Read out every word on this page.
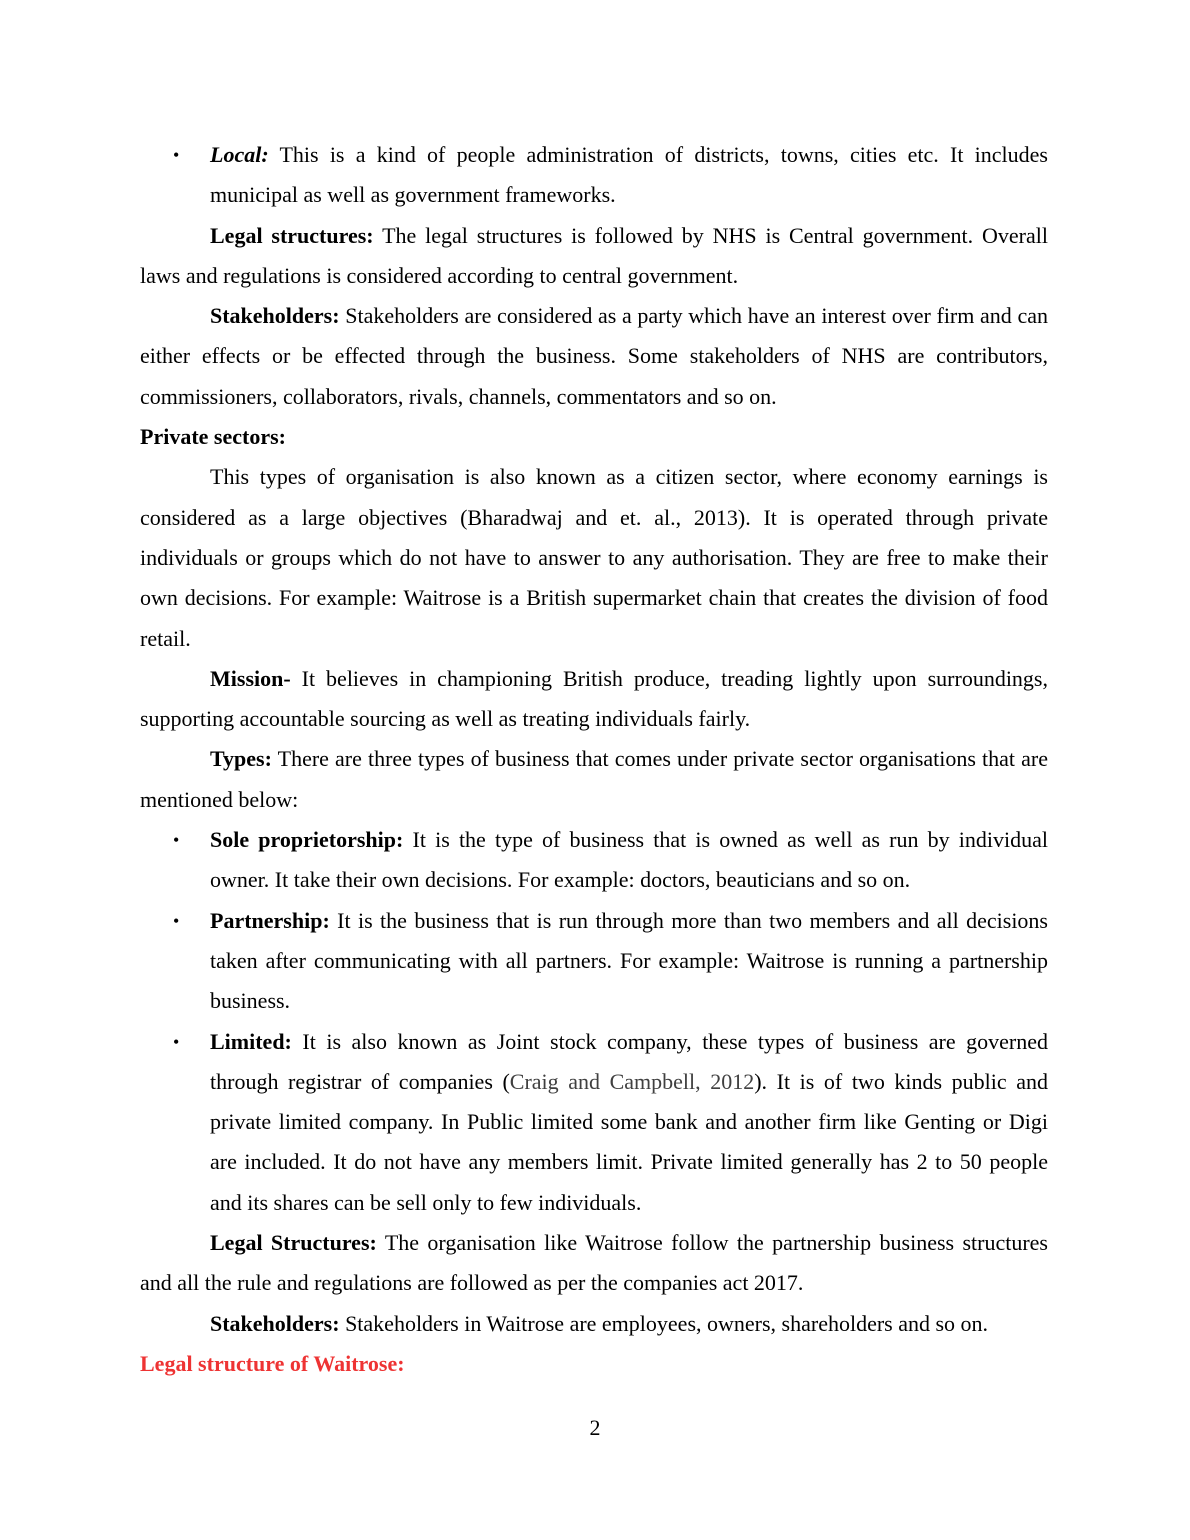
• Local: This is a kind of people administration of districts, towns, cities etc. It includes municipal as well as government frameworks.

Legal structures: The legal structures is followed by NHS is Central government. Overall laws and regulations is considered according to central government.

Stakeholders: Stakeholders are considered as a party which have an interest over firm and can either effects or be effected through the business. Some stakeholders of NHS are contributors, commissioners, collaborators, rivals, channels, commentators and so on.

Private sectors:

This types of organisation is also known as a citizen sector, where economy earnings is considered as a large objectives (Bharadwaj and et. al., 2013). It is operated through private individuals or groups which do not have to answer to any authorisation. They are free to make their own decisions. For example: Waitrose is a British supermarket chain that creates the division of food retail.

Mission- It believes in championing British produce, treading lightly upon surroundings, supporting accountable sourcing as well as treating individuals fairly.

Types: There are three types of business that comes under private sector organisations that are mentioned below:

• Sole proprietorship: It is the type of business that is owned as well as run by individual owner. It take their own decisions. For example: doctors, beauticians and so on.

• Partnership: It is the business that is run through more than two members and all decisions taken after communicating with all partners. For example: Waitrose is running a partnership business.

• Limited: It is also known as Joint stock company, these types of business are governed through registrar of companies (Craig and Campbell, 2012). It is of two kinds public and private limited company. In Public limited some bank and another firm like Genting or Digi are included. It do not have any members limit. Private limited generally has 2 to 50 people and its shares can be sell only to few individuals.

Legal Structures: The organisation like Waitrose follow the partnership business structures and all the rule and regulations are followed as per the companies act 2017.

Stakeholders: Stakeholders in Waitrose are employees, owners, shareholders and so on.

Legal structure of Waitrose:

2
